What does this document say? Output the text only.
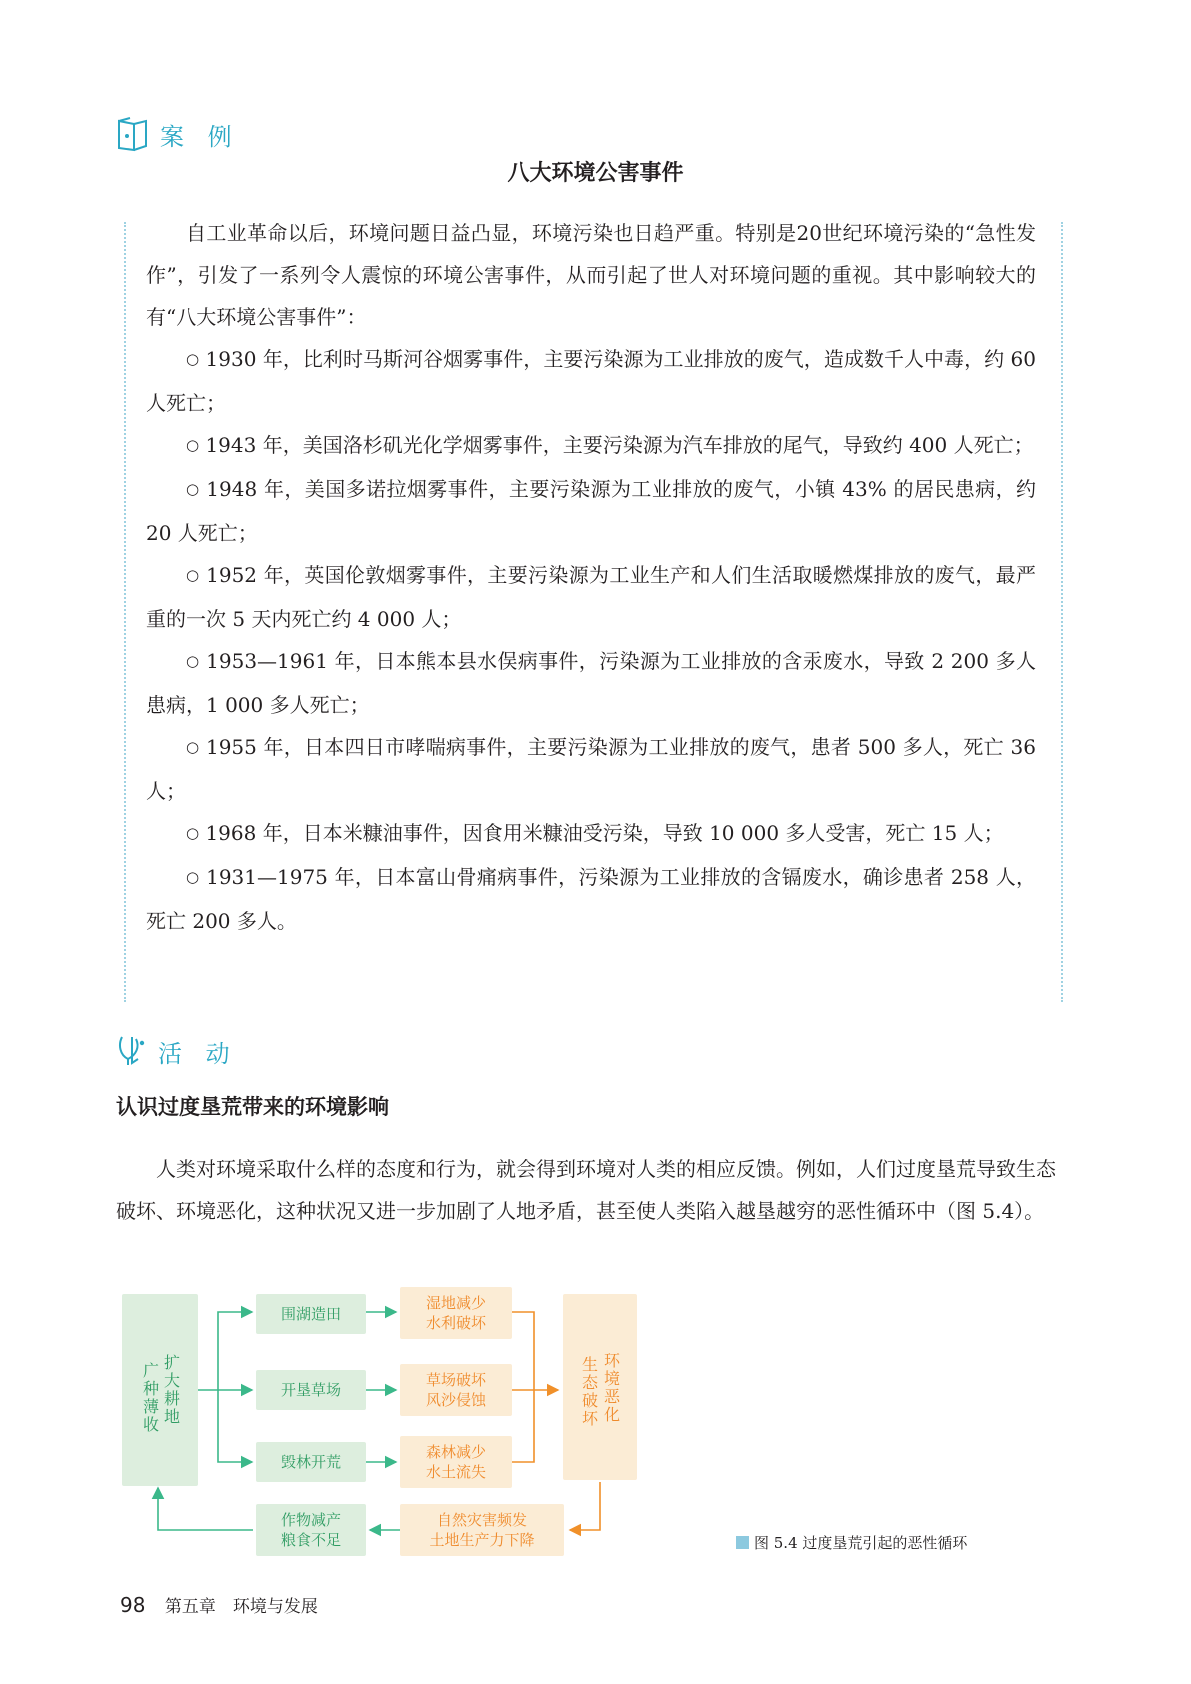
案 例
八大环境公害事件

自工业革命以后，环境问题日益凸显，环境污染也日趋严重。特别是20世纪环境污染的“急性发作”，引发了一系列令人震惊的环境公害事件，从而引起了世人对环境问题的重视。其中影响较大的有“八大环境公害事件”：

○ 1930 年，比利时马斯河谷烟雾事件，主要污染源为工业排放的废气，造成数千人中毒，约 60 人死亡；

○ 1943 年，美国洛杉矶光化学烟雾事件，主要污染源为汽车排放的尾气，导致约 400 人死亡；

○ 1948 年，美国多诺拉烟雾事件，主要污染源为工业排放的废气，小镇 43% 的居民患病，约 20 人死亡；

○ 1952 年，英国伦敦烟雾事件，主要污染源为工业生产和人们生活取暖燃煤排放的废气，最严重的一次 5 天内死亡约 4 000 人；

○ 1953—1961 年，日本熊本县水俣病事件，污染源为工业排放的含汞废水，导致 2 200 多人患病，1 000 多人死亡；

○ 1955 年，日本四日市哮喘病事件，主要污染源为工业排放的废气，患者 500 多人，死亡 36 人；

○ 1968 年，日本米糠油事件，因食用米糠油受污染，导致 10 000 多人受害，死亡 15 人；

○ 1931—1975 年，日本富山骨痛病事件，污染源为工业排放的含镉废水，确诊患者 258 人，死亡 200 多人。

活 动
认识过度垦荒带来的环境影响

人类对环境采取什么样的态度和行为，就会得到环境对人类的相应反馈。例如，人们过度垦荒导致生态破坏、环境恶化，这种状况又进一步加剧了人地矛盾，甚至使人类陷入越垦越穷的恶性循环中（图 5.4）。

扩大耕地
广种薄收
围湖造田
开垦草场
毁林开荒
湿地减少
水利破坏
草场破坏
风沙侵蚀
森林减少
水土流失
环境恶化
生态破坏
自然灾害频发
土地生产力下降
作物减产
粮食不足	图 5.4 过度垦荒引起的恶性循环
98 第五章　环境与发展
